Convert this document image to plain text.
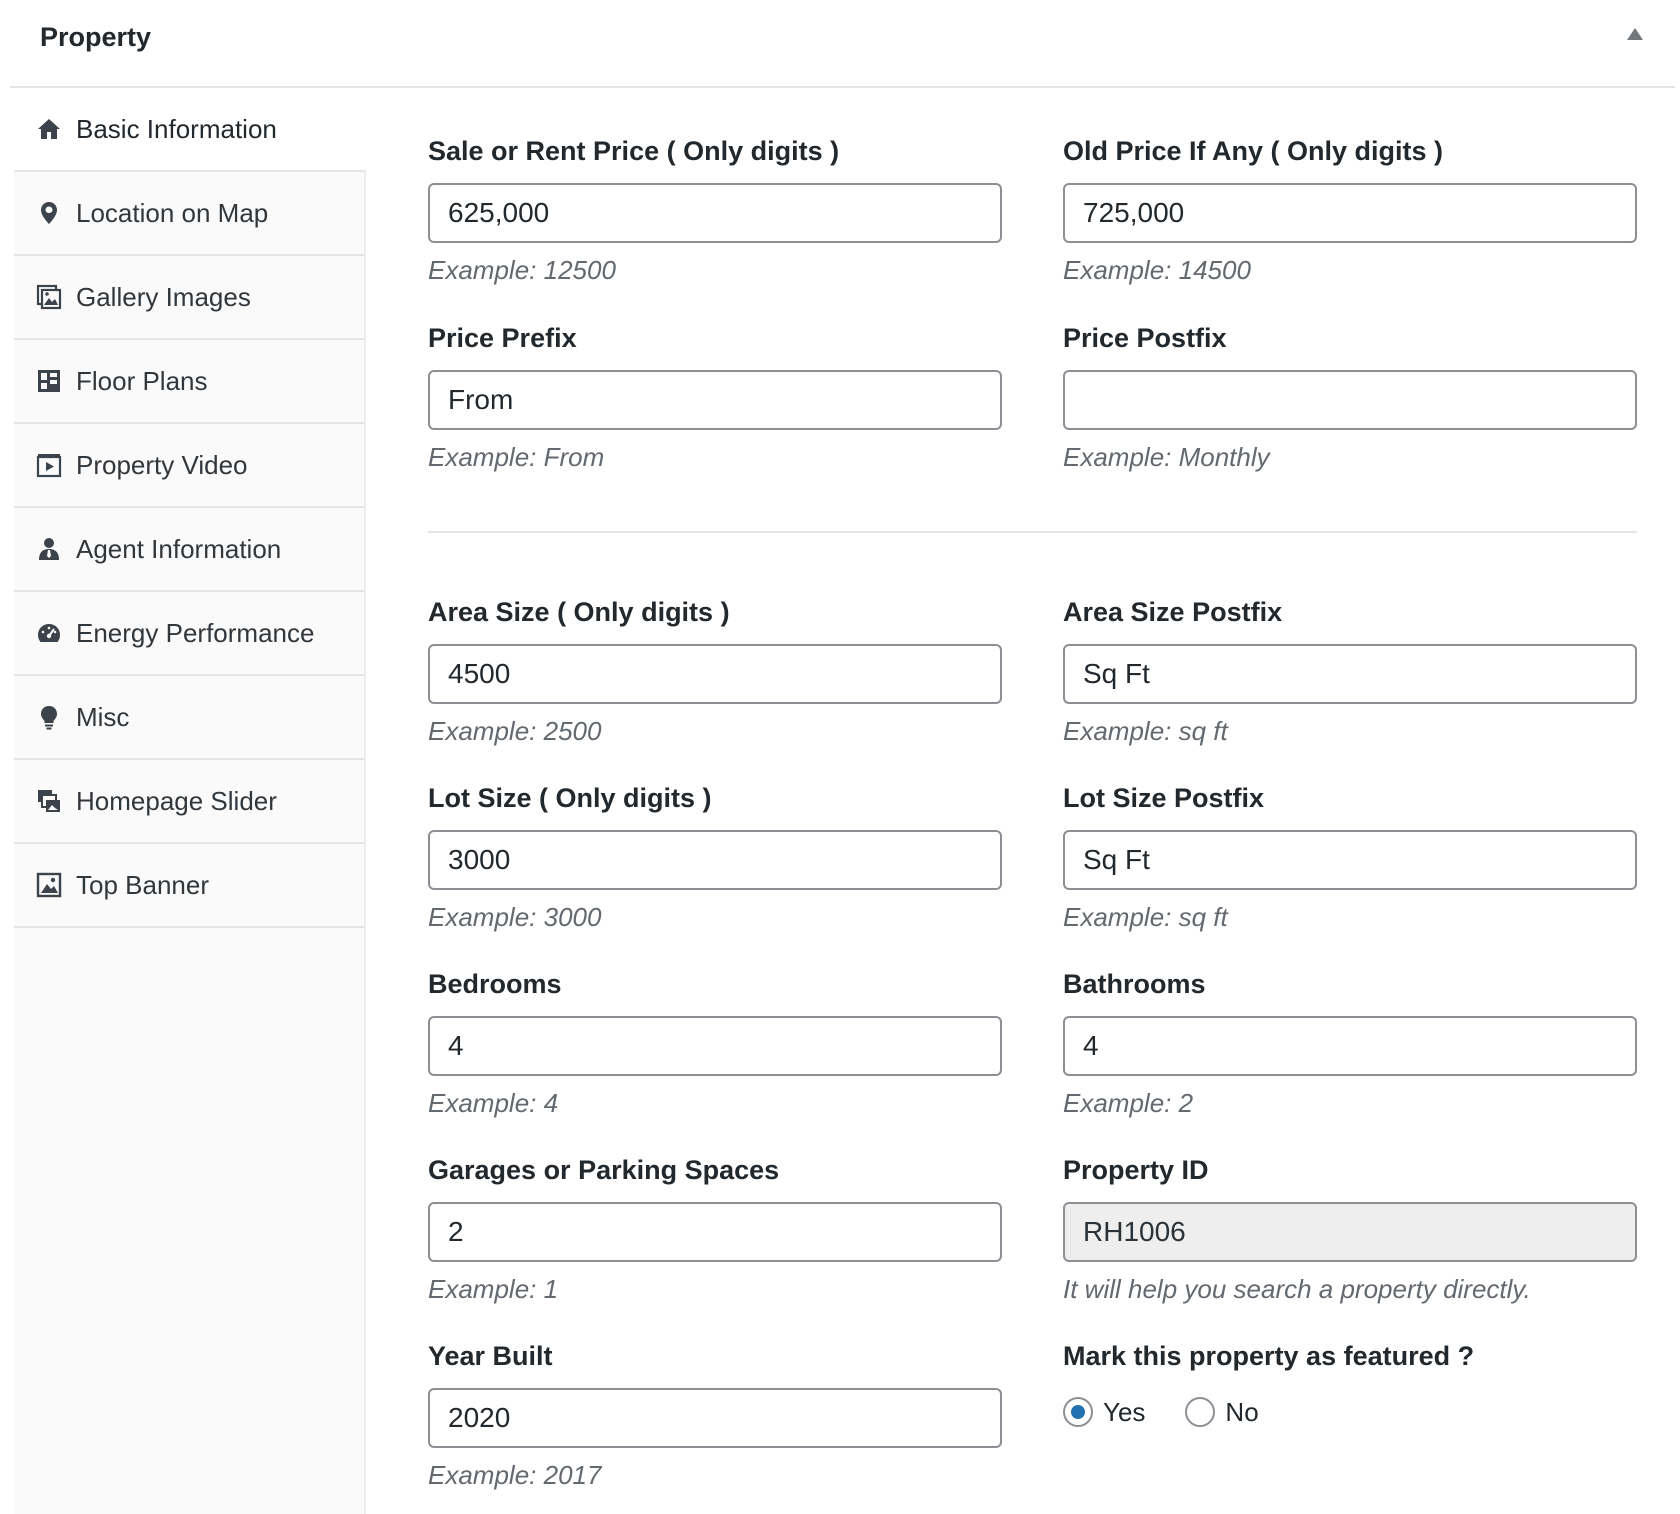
Property
Basic Information
Location on Map
Gallery Images
Floor Plans
Property Video
Agent Information
Energy Performance
Misc
Homepage Slider
Top Banner
Sale or Rent Price ( Only digits )
625,000
Example: 12500
Old Price If Any ( Only digits )
725,000
Example: 14500
Price Prefix
From
Example: From
Price Postfix
Example: Monthly
Area Size ( Only digits )
4500
Example: 2500
Area Size Postfix
Sq Ft
Example: sq ft
Lot Size ( Only digits )
3000
Example: 3000
Lot Size Postfix
Sq Ft
Example: sq ft
Bedrooms
4
Example: 4
Bathrooms
4
Example: 2
Garages or Parking Spaces
2
Example: 1
Property ID
RH1006
It will help you search a property directly.
Year Built
2020
Example: 2017
Mark this property as featured ?
Yes	No
